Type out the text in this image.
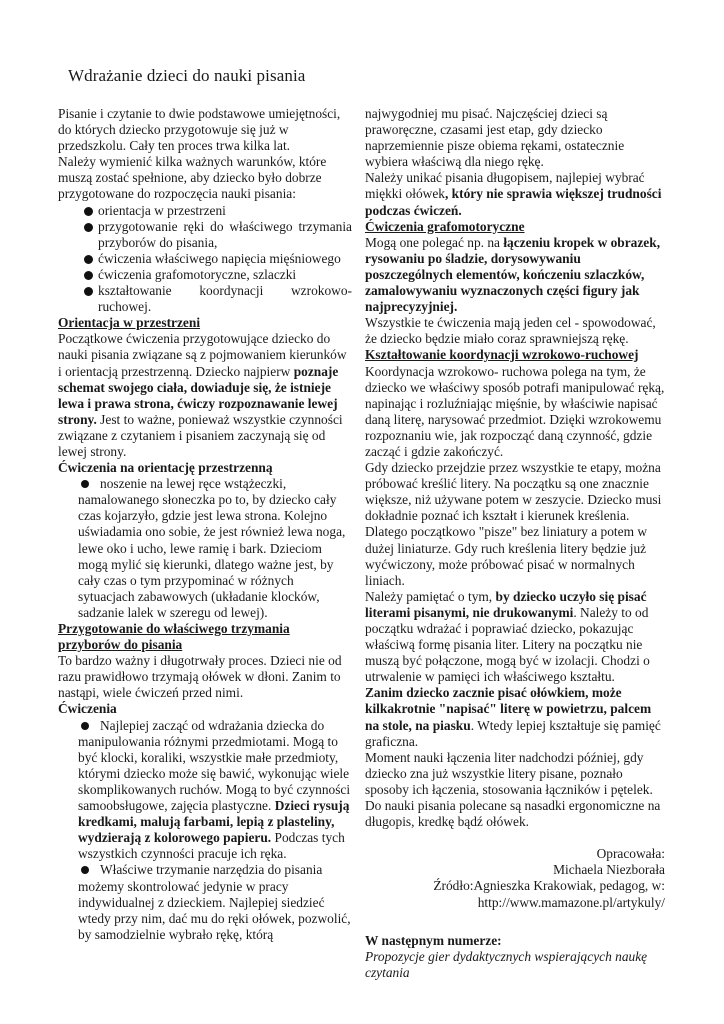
Wdrażanie dzieci do nauki pisania

Pisanie i czytanie to dwie podstawowe umiejętności, do których dziecko przygotowuje się już w przedszkolu. Cały ten proces trwa kilka lat.

Należy wymienić kilka ważnych warunków, które muszą zostać spełnione, aby dziecko było dobrze przygotowane do rozpoczęcia nauki pisania:

orientacja w przestrzeni
przygotowanie ręki do właściwego trzymania przyborów do pisania,
ćwiczenia właściwego napięcia mięśniowego
ćwiczenia grafomotoryczne, szlaczki
kształtowanie koordynacji wzrokowo-ruchowej.

Orientacja w przestrzeni

Początkowe ćwiczenia przygotowujące dziecko do nauki pisania związane są z pojmowaniem kierunków i orientacją przestrzenną. Dziecko najpierw poznaje schemat swojego ciała, dowiaduje się, że istnieje lewa i prawa strona, ćwiczy rozpoznawanie lewej strony. Jest to ważne, ponieważ wszystkie czynności związane z czytaniem i pisaniem zaczynają się od lewej strony.

Ćwiczenia na orientację przestrzenną

noszenie na lewej ręce wstążeczki, namalowanego słoneczka po to, by dziecko cały czas kojarzyło, gdzie jest lewa strona. Kolejno uświadamia ono sobie, że jest również lewa noga, lewe oko i ucho, lewe ramię i bark. Dzieciom mogą mylić się kierunki, dlatego ważne jest, by cały czas o tym przypominać w różnych sytuacjach zabawowych (układanie klocków, sadzanie lalek w szeregu od lewej).

Przygotowanie do właściwego trzymania przyborów do pisania

To bardzo ważny i długotrwały proces. Dzieci nie od razu prawidłowo trzymają ołówek w dłoni. Zanim to nastąpi, wiele ćwiczeń przed nimi.

Ćwiczenia

Najlepiej zacząć od wdrażania dziecka do manipulowania różnymi przedmiotami. Mogą to być klocki, koraliki, wszystkie małe przedmioty, którymi dziecko może się bawić, wykonując wiele skomplikowanych ruchów. Mogą to być czynności samoobsługowe, zajęcia plastyczne. Dzieci rysują kredkami, malują farbami, lepią z plasteliny, wydzierają z kolorowego papieru. Podczas tych wszystkich czynności pracuje ich ręka.

Właściwe trzymanie narzędzia do pisania możemy skontrolować jedynie w pracy indywidualnej z dzieckiem. Najlepiej siedzieć wtedy przy nim, dać mu do ręki ołówek, pozwolić, by samodzielnie wybrało rękę, którą

najwygodniej mu pisać. Najczęściej dzieci są praworęczne, czasami jest etap, gdy dziecko naprzemiennie pisze obiema rękami, ostatecznie wybiera właściwą dla niego rękę.

Należy unikać pisania długopisem, najlepiej wybrać miękki ołówek, który nie sprawia większej trudności podczas ćwiczeń.

Ćwiczenia grafomotoryczne

Mogą one polegać np. na łączeniu kropek w obrazek, rysowaniu po śladzie, dorysowywaniu poszczególnych elementów, kończeniu szlaczków, zamalowywaniu wyznaczonych części figury jak najprecyzyjniej.

Wszystkie te ćwiczenia mają jeden cel - spowodować, że dziecko będzie miało coraz sprawniejszą rękę.

Kształtowanie koordynacji wzrokowo-ruchowej

Koordynacja wzrokowo- ruchowa polega na tym, że dziecko we właściwy sposób potrafi manipulować ręką, napinając i rozluźniając mięśnie, by właściwie napisać daną literę, narysować przedmiot. Dzięki wzrokowemu rozpoznaniu wie, jak rozpocząć daną czynność, gdzie zacząć i gdzie zakończyć.

Gdy dziecko przejdzie przez wszystkie te etapy, można próbować kreślić litery. Na początku są one znacznie większe, niż używane potem w zeszycie. Dziecko musi dokładnie poznać ich kształt i kierunek kreślenia. Dlatego początkowo "pisze" bez liniatury a potem w dużej liniaturze. Gdy ruch kreślenia litery będzie już wyćwiczony, może próbować pisać w normalnych liniach.

Należy pamiętać o tym, by dziecko uczyło się pisać literami pisanymi, nie drukowanymi. Należy to od początku wdrażać i poprawiać dziecko, pokazując właściwą formę pisania liter. Litery na początku nie muszą być połączone, mogą być w izolacji. Chodzi o utrwalenie w pamięci ich właściwego kształtu.

Zanim dziecko zacznie pisać ołówkiem, może kilkakrotnie "napisać" literę w powietrzu, palcem na stole, na piasku. Wtedy lepiej kształtuje się pamięć graficzna.

Moment nauki łączenia liter nadchodzi później, gdy dziecko zna już wszystkie litery pisane, poznało sposoby ich łączenia, stosowania łączników i pętelek. Do nauki pisania polecane są nasadki ergonomiczne na długopis, kredkę bądź ołówek.

Opracowała:

Michaela Niezborała

Źródło:Agnieszka Krakowiak, pedagog, w:

http://www.mamazone.pl/artykuly/

W następnym numerze:

Propozycje gier dydaktycznych wspierających naukę czytania
